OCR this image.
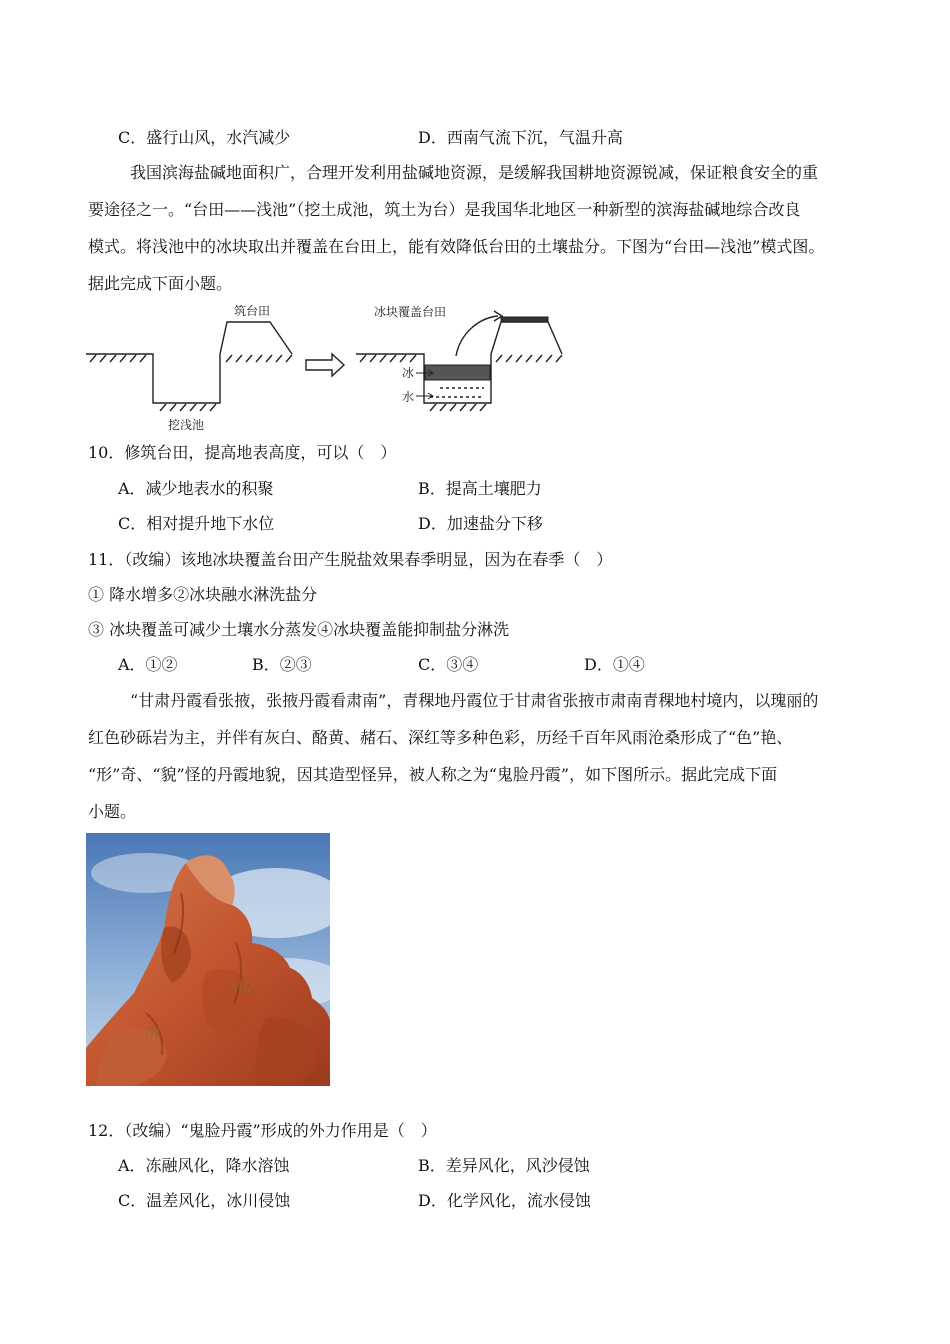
C．盛行山风，水汽减少	D．西南气流下沉，气温升高
我国滨海盐碱地面积广，合理开发利用盐碱地资源，是缓解我国耕地资源锐减，保证粮食安全的重
要途径之一。“台田——浅池”（挖土成池，筑土为台）是我国华北地区一种新型的滨海盐碱地综合改良
模式。将浅池中的冰块取出并覆盖在台田上，能有效降低台田的土壤盐分。下图为“台田—浅池”模式图。
据此完成下面小题。
筑台田
挖浅池
冰块覆盖台田
冰
水
10．修筑台田，提高地表高度，可以（　）
A．减少地表水的积聚	B．提高土壤肥力
C．相对提升地下水位	D．加速盐分下移
11．（改编）该地冰块覆盖台田产生脱盐效果春季明显，因为在春季（　）
① 降水增多②冰块融水淋洗盐分
③ 冰块覆盖可减少土壤水分蒸发④冰块覆盖能抑制盐分淋洗
A．①②	B．②③	C．③④	D．①④
“甘肃丹霞看张掖，张掖丹霞看肃南”，青稞地丹霞位于甘肃省张掖市肃南青稞地村境内，以瑰丽的
红色砂砾岩为主，并伴有灰白、酪黄、赭石、深红等多种色彩，历经千百年风雨沧桑形成了“色”艳、
“形”奇、“貌”怪的丹霞地貌，因其造型怪异，被人称之为“鬼脸丹霞”，如下图所示。据此完成下面
小题。
12．（改编）“鬼脸丹霞”形成的外力作用是（　）
A．冻融风化，降水溶蚀	B．差异风化，风沙侵蚀
C．温差风化，冰川侵蚀	D．化学风化，流水侵蚀
